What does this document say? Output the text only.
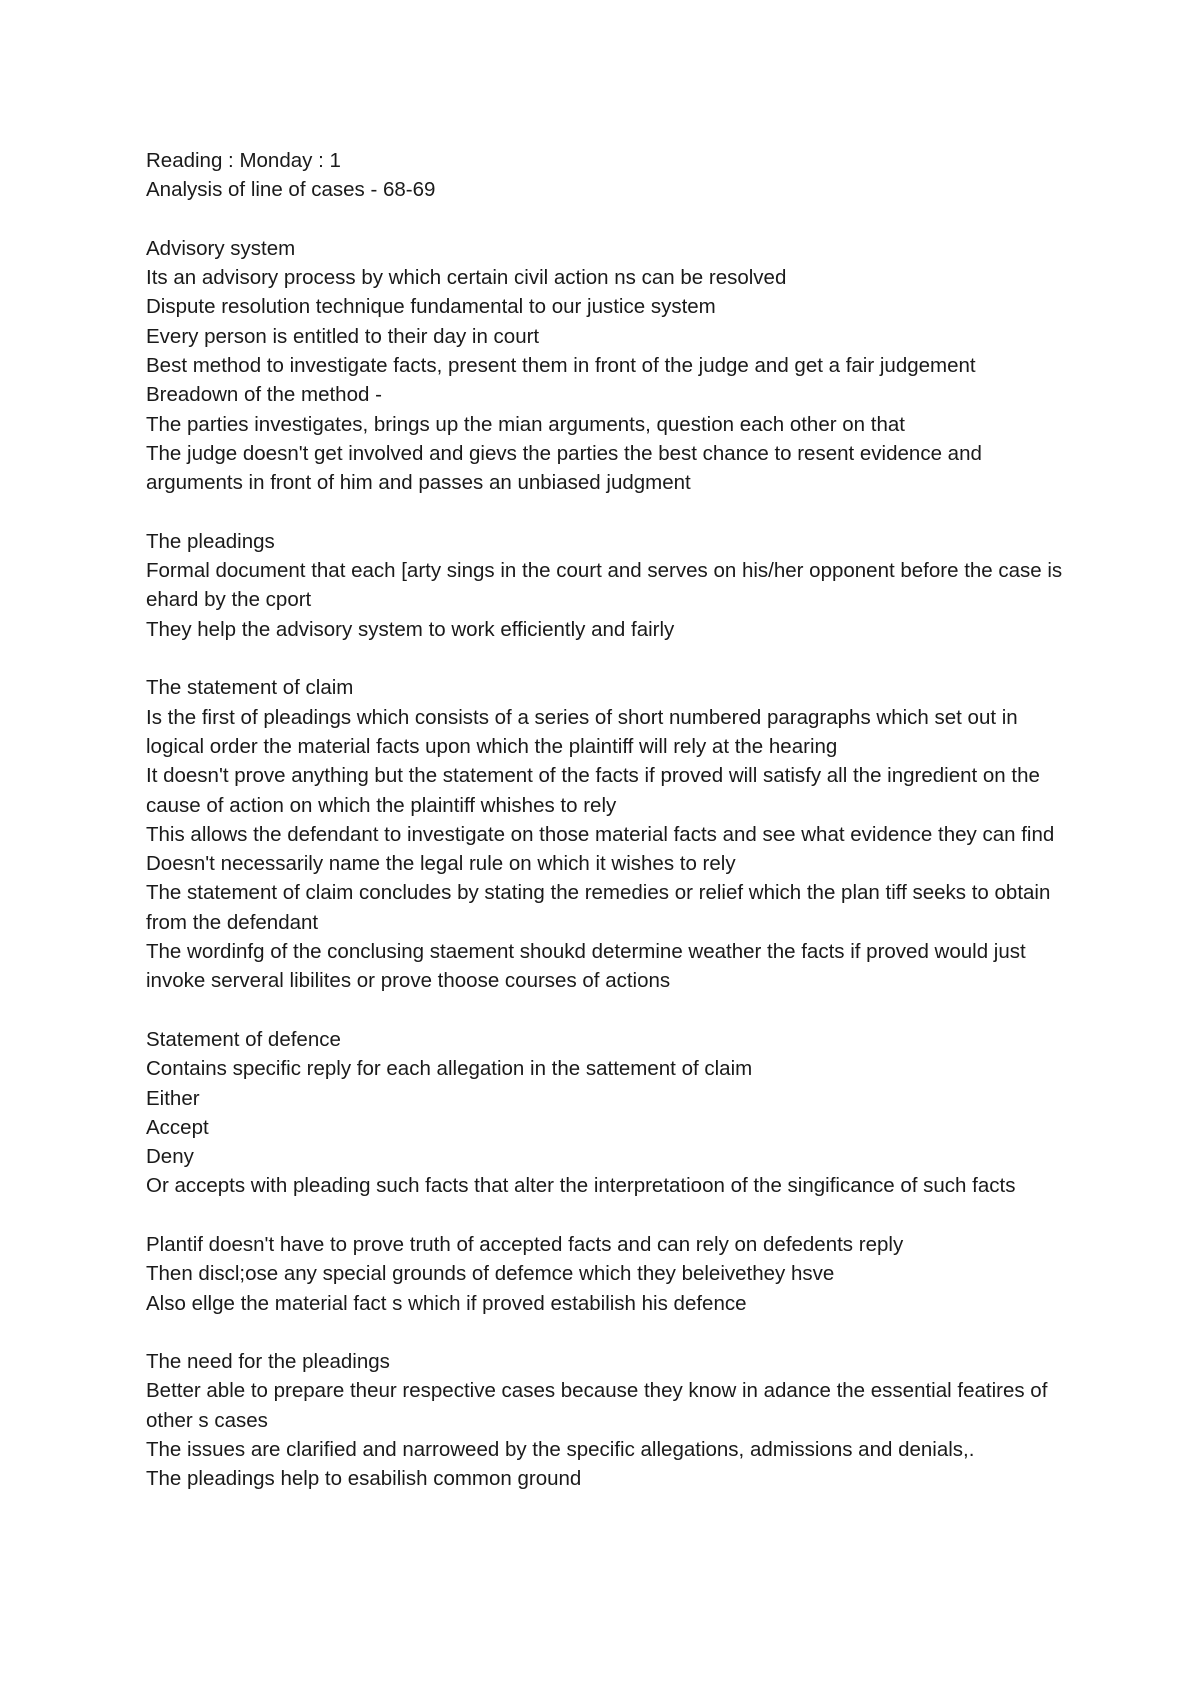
Reading : Monday : 1

Analysis of line of cases - 68-69

Advisory system

Its an advisory process by which certain civil action ns can be resolved

Dispute resolution technique fundamental to our justice system

Every person is entitled to their day in court

Best method to investigate facts, present them in front of the judge and get a fair judgement

Breadown of the method -

The parties investigates, brings up the mian arguments, question each other on that

The judge doesn't get involved and gievs the parties the best chance to resent evidence and arguments in front of him and passes an unbiased judgment

The pleadings

Formal document that each [arty sings in the court and serves on his/her opponent before the case is ehard by the cport

They help the advisory system to work efficiently and fairly

The statement of claim

Is the first of pleadings which consists of a series of short numbered paragraphs which set out in logical order the material facts upon which the plaintiff will rely at the hearing

It doesn't prove anything but the statement of the facts if proved will satisfy all the ingredient on the cause of action on which the plaintiff whishes to rely

This allows the defendant to investigate on those material facts and see what evidence they can find

Doesn't necessarily name the legal rule on which it wishes to rely

The statement of claim concludes by stating the remedies or relief which the plan tiff seeks to obtain from the defendant

The wordinfg of the conclusing staement shoukd determine weather the facts if proved would just invoke serveral libilites or prove thoose courses of actions

Statement of defence

Contains specific reply for each allegation in the sattement of claim

Either

Accept

Deny

Or accepts with pleading such facts that alter the interpretatioon of the singificance of such facts

Plantif doesn't have to prove truth of accepted facts and can rely on defedents reply

Then discl;ose any special grounds of defemce which they beleivethey hsve

Also ellge the material fact s which if proved estabilish his defence

The need for the pleadings

Better able to prepare theur respective cases because they know in adance the essential featires of other s cases

The issues are clarified and narroweed by the specific allegations, admissions and denials,.

The pleadings help to esabilish common ground
